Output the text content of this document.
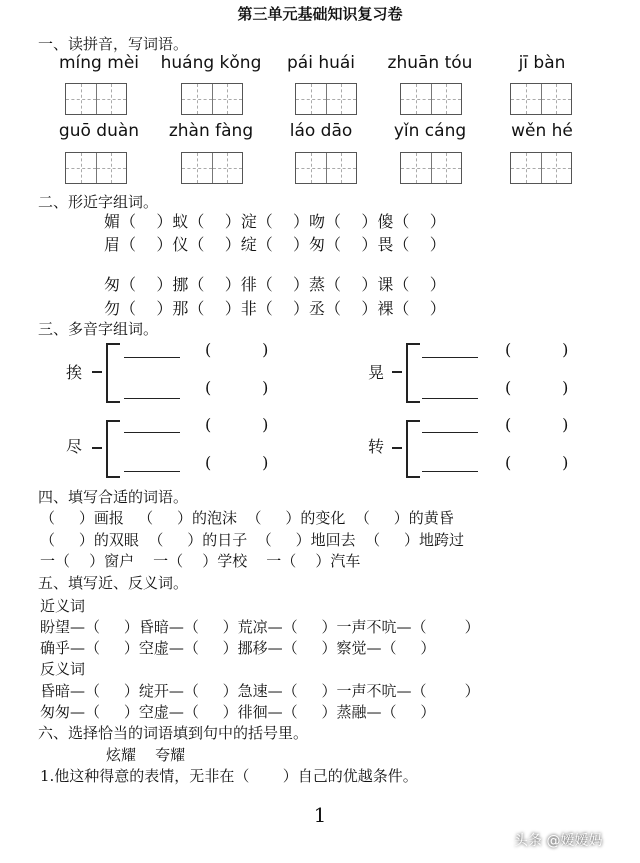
第三单元基础知识复习卷
一、读拼音，写词语。
míng mèi	huáng kǒng	pái huái	zhuān tóu	jī bàn
guō duàn	zhàn fàng	láo dāo	yǐn cáng	wěn hé
二、形近字组词。
媚（    ）蚁（    ）淀（    ）吻（    ）傻（    ）
眉（    ）仪（    ）绽（    ）匆（    ）畏（    ）
匆（    ）挪（    ）徘（    ）蒸（    ）课（    ）
勿（    ）那（    ）非（    ）丞（    ）裸（    ）
三、多音字组词。
挨
(          )
(          )
晃
(          )
(          )
尽
(          )
(          )
转
(          )
(          )
四、填写合适的词语。
（     ）画报   （     ）的泡沫  （     ）的变化  （     ）的黄昏
（     ）的双眼  （     ）的日子  （     ）地回去  （     ）地跨过
一（    ）窗户    一（    ）学校    一（    ）汽车
五、填写近、反义词。
近义词
盼望—（     ）昏暗—（     ）荒凉—（     ）一声不吭—（        ）
确乎—（     ）空虚—（     ）挪移—（     ）察觉—（     ）
反义词
昏暗—（     ）绽开—（     ）急速—（     ）一声不吭—（        ）
匆匆—（     ）空虚—（     ）徘徊—（     ）蒸融—（     ）
六、选择恰当的词语填到句中的括号里。
炫耀    夸耀
1.他这种得意的表情，无非在（       ）自己的优越条件。
1
头条 @嫒嫒妈
